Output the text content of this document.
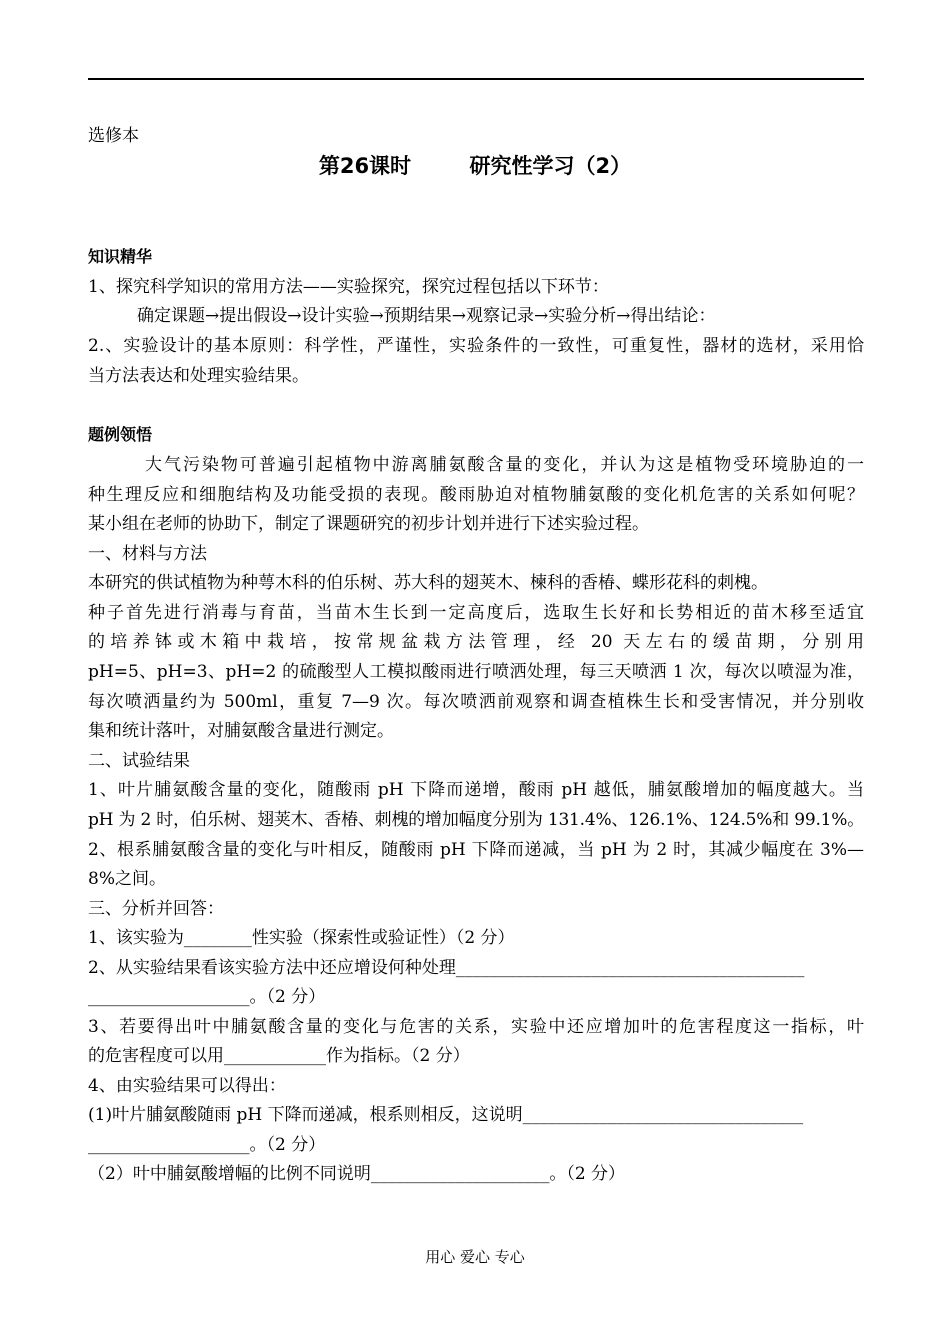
选修本
第26课时        研究性学习（2）
知识精华
1、探究科学知识的常用方法——实验探究，探究过程包括以下环节：
确定课题→提出假设→设计实验→预期结果→观察记录→实验分析→得出结论：
2.、实验设计的基本原则：科学性，严谨性，实验条件的一致性，可重复性，器材的选材，采用恰
当方法表达和处理实验结果。
题例领悟
大气污染物可普遍引起植物中游离脯氨酸含量的变化，并认为这是植物受环境胁迫的一
种生理反应和细胞结构及功能受损的表现。酸雨胁迫对植物脯氨酸的变化机危害的关系如何呢？
某小组在老师的协助下，制定了课题研究的初步计划并进行下述实验过程。
一、材料与方法
本研究的供试植物为种萼木科的伯乐树、苏大科的翅荚木、楝科的香椿、蝶形花科的刺槐。
种子首先进行消毒与育苗，当苗木生长到一定高度后，选取生长好和长势相近的苗木移至适宜
的培养钵或木箱中栽培，按常规盆栽方法管理，经 20 天左右的缓苗期，分别用
pH=5、pH=3、pH=2 的硫酸型人工模拟酸雨进行喷洒处理，每三天喷洒 1 次，每次以喷湿为准，
每次喷洒量约为 500ml，重复 7—9 次。每次喷洒前观察和调查植株生长和受害情况，并分别收
集和统计落叶，对脯氨酸含量进行测定。
二、试验结果
1、叶片脯氨酸含量的变化，随酸雨 pH 下降而递增，酸雨 pH 越低，脯氨酸增加的幅度越大。当
pH 为 2 时，伯乐树、翅荚木、香椿、刺槐的增加幅度分别为 131.4%、126.1%、124.5%和 99.1%。
2、根系脯氨酸含量的变化与叶相反，随酸雨 pH 下降而递减，当 pH 为 2 时，其减少幅度在 3%—
8%之间。
三、分析并回答：
1、该实验为________性实验（探索性或验证性）（2 分）
2、从实验结果看该实验方法中还应增设何种处理_________________________________________
___________________。（2 分）
3、若要得出叶中脯氨酸含量的变化与危害的关系，实验中还应增加叶的危害程度这一指标，叶
的危害程度可以用____________作为指标。（2 分）
4、由实验结果可以得出：
(1)叶片脯氨酸随雨 pH 下降而递减，根系则相反，这说明_________________________________
___________________。（2 分）
（2）叶中脯氨酸增幅的比例不同说明_____________________。（2 分）
用心 爱心 专心
